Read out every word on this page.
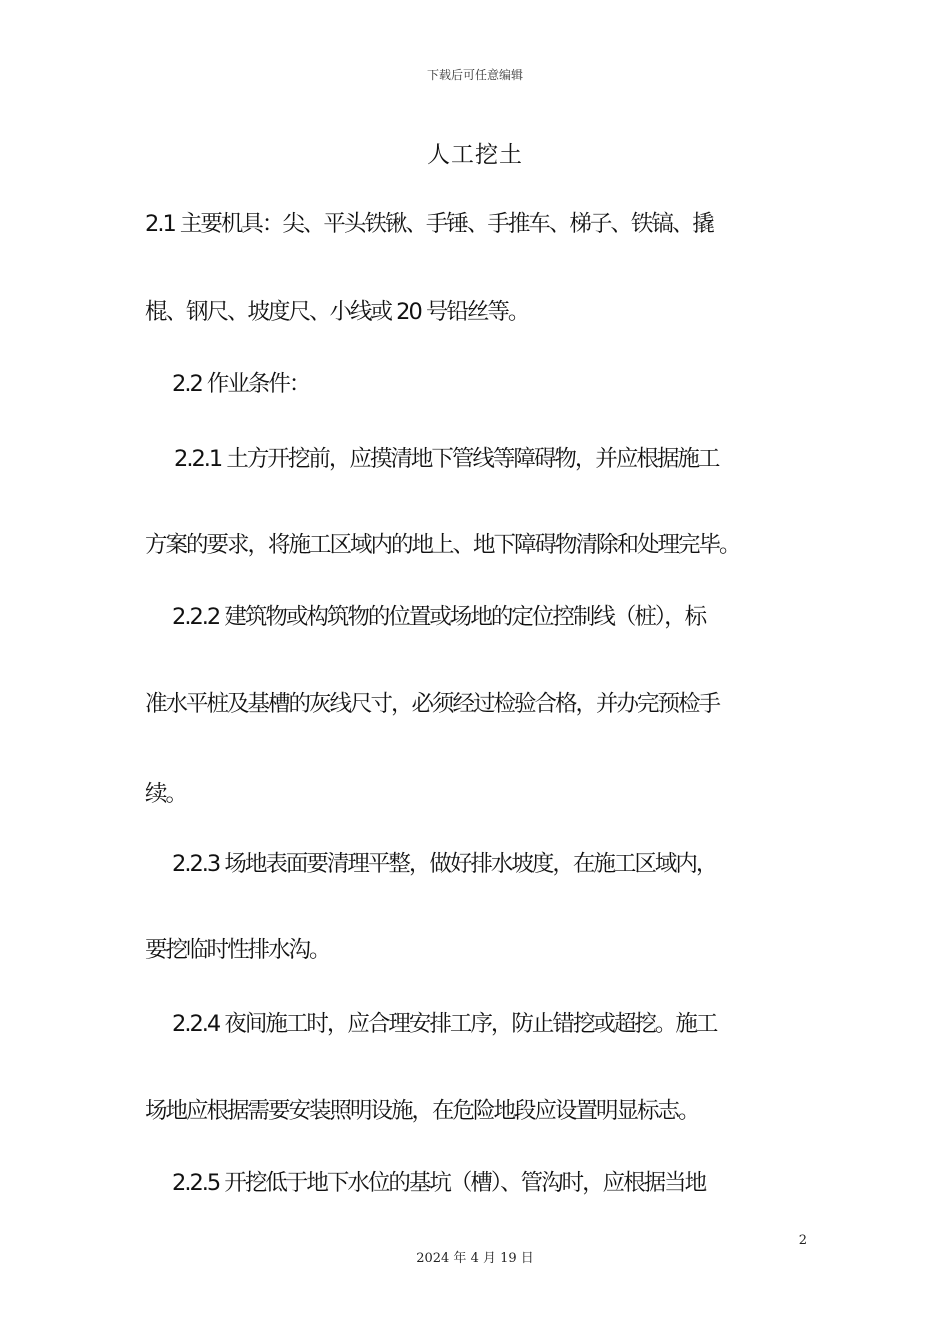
下载后可任意编辑
人工挖土
2.1 主要机具：尖、平头铁锹、手锤、手推车、梯子、铁镐、撬
棍、钢尺、坡度尺、小线或 20 号铅丝等。
2.2 作业条件：
2.2.1 土方开挖前，应摸清地下管线等障碍物，并应根据施工
方案的要求，将施工区域内的地上、地下障碍物清除和处理完毕。
2.2.2 建筑物或构筑物的位置或场地的定位控制线（桩），标
准水平桩及基槽的灰线尺寸，必须经过检验合格，并办完预检手
续。
2.2.3 场地表面要清理平整，做好排水坡度，在施工区域内，
要挖临时性排水沟。
2.2.4 夜间施工时，应合理安排工序，防止错挖或超挖。施工
场地应根据需要安装照明设施，在危险地段应设置明显标志。
2.2.5 开挖低于地下水位的基坑（槽）、管沟时，应根据当地
2
2024 年 4 月 19 日
